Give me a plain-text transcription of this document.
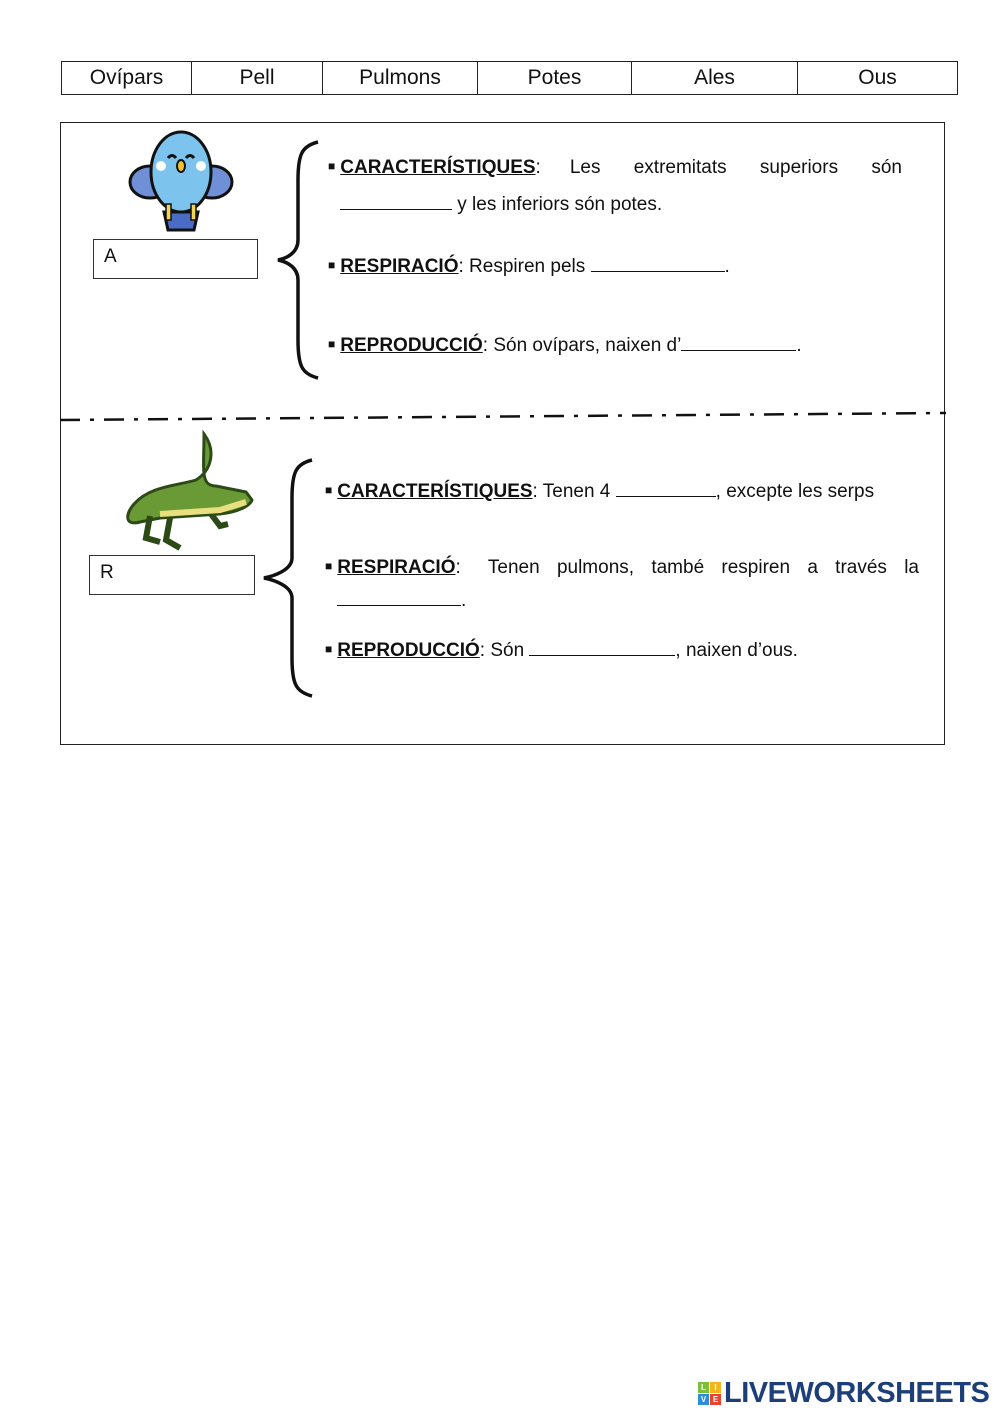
Ovípars	Pell	Pulmons	Potes	Ales	Ous
A
■ CARACTERÍSTIQUES: Les extremitats superiors són
y les inferiors són potes.
■ RESPIRACIÓ: Respiren pels	.
■ REPRODUCCIÓ: Són ovípars, naixen d’	.
R
■ CARACTERÍSTIQUES: Tenen 4	, excepte les serps
■ RESPIRACIÓ: Tenen pulmons, també respiren a través la
.
■ REPRODUCCIÓ: Són	, naixen d’ous.
L	I
V E LIVEWORKSHEETS
